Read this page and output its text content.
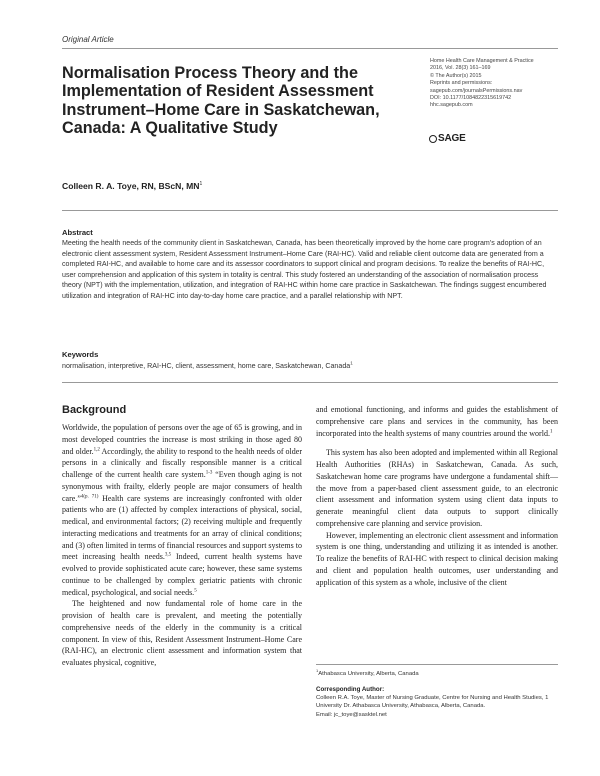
Original Article
Normalisation Process Theory and the Implementation of Resident Assessment Instrument–Home Care in Saskatchewan, Canada: A Qualitative Study
Home Health Care Management & Practice
2016, Vol. 28(3) 161–169
© The Author(s) 2015
Reprints and permissions:
sagepub.com/journalsPermissions.nav
DOI: 10.1177/1084822315619742
hhc.sagepub.com
SAGE
Colleen R. A. Toye, RN, BScN, $MN^1$
Abstract
Meeting the health needs of the community client in Saskatchewan, Canada, has been theoretically improved by the home care program's adoption of an electronic client assessment system, Resident Assessment Instrument–Home Care (RAI-HC). Valid and reliable client outcome data are generated from a completed RAI-HC, and available to home care and its assessor coordinators to support clinical and program decisions. To realize the benefits of RAI-HC, user comprehension and application of this system in totality is central. This study fostered an understanding of the association of normalisation process theory (NPT) with the implementation, utilization, and integration of RAI-HC within home care practice in Saskatchewan. The findings suggest encumbered utilization and integration of RAI-HC into day-to-day home care practice, and a parallel relationship with NPT.
Keywords
normalisation, interpretive, RAI-HC, client, assessment, home care, Saskatchewan, Canada$^1$
Background

Worldwide, the population of persons over the age of 65 is growing, and in most developed countries the increase is most striking in those aged 80 and older.$^{1,2}$ Accordingly, the ability to respond to the health needs of older persons in a clinically and fiscally responsible manner is a critical challenge of the current health care system.$^{1-3}$ “Even though aging is not synonymous with frailty, elderly people are major consumers of health care.”$^{4(p. 71)}$ Health care systems are increasingly confronted with older patients who are (1) affected by complex interactions of physical, social, medical, and environmental factors; (2) receiving multiple and frequently interacting medications and treatments for an array of clinical conditions; and (3) often limited in terms of financial resources and support systems to meet increasing health needs.$^{3,5}$ Indeed, current health systems have evolved to provide sophisticated acute care; however, these same systems continue to be challenged by complex geriatric patients with chronic medical, psychological, and social needs.$^5$

The heightened and now fundamental role of home care in the provision of health care is prevalent, and meeting the potentially comprehensive needs of the elderly in the community is a critical component. In view of this, Resident Assessment Instrument–Home Care (RAI-HC), an electronic client assessment and information system that evaluates physical, cognitive,

and emotional functioning, and informs and guides the establishment of comprehensive care plans and services in the community, has been incorporated into the health systems of many countries around the world.$^1$

This system has also been adopted and implemented within all Regional Health Authorities (RHAs) in Saskatchewan, Canada. As such, Saskatchewan home care programs have undergone a fundamental shift—the move from a paper-based client assessment guide, to an electronic client assessment and information system using client data inputs to generate meaningful client data outputs to support clinically comprehensive care planning and service provision.

However, implementing an electronic client assessment and information system is one thing, understanding and utilizing it as intended is another. To realize the benefits of RAI-HC with respect to clinical decision making and client and population health outcomes, user understanding and application of this system as a whole, inclusive of the client

$^1$Athabasca University, Alberta, Canada
Corresponding Author:
Colleen R.A. Toye, Master of Nursing Graduate, Centre for Nursing and Health Studies, 1 University Dr. Athabasca University, Athabasca, Alberta, Canada.
Email: jc_toye@sasktel.net
